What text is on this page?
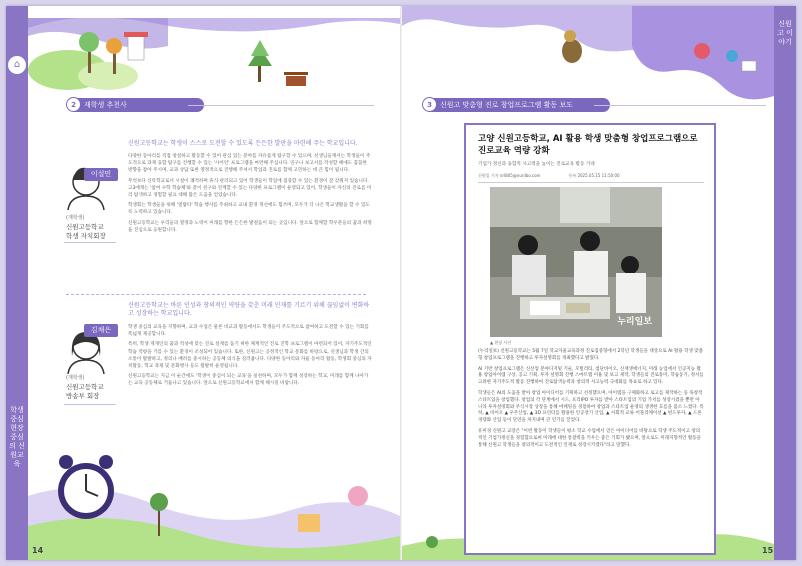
⌂
학생중심 현장중심의 신원교육
신원고 이야기
2	재학생 추천사
이설민
(재학생)
신원고등학교
학생 자치회장
신원고등학교는 학생이 스스로 도전할 수 있도록 든든한 발판을 마련해 주는 학교입니다.

다양한 동아리를 직접 창설하고 활동할 수 있어 관심 있는 분야를 자유롭게 탐구할 수 있으며, 선생님들께서는 학생들이 주도적으로 과제 융합 탐구를 진행할 수 있는 '사이언' 프로그램을 마련해 주십니다. 연구나 보고서를 작성할 때에도 꼼꼼한 방향을 잡아 주시며, 교과 상담 또한 열정적으로 진행해 주셔서 학업과 진로를 함께 고민하는 데 큰 힘이 됩니다.

무엇보다 신록학교로서 시설이 쾌적하며 휴식·관리되고 있어 학생들이 학업에 집중할 수 있는 환경이 잘 갖춰져 있습니다. 고3에게는 '참여 수학 학습체'와 같이 친구와 연계할 수 있는 다양한 프로그램이 운영되고 있어, 학생들이 자신의 진로를 미리 탐색하고 경험할 필요 대해 많은 도움을 얻었습니다.

학생회는 학생들을 위해 '열람타' 학습 행사를 주최하고 교내 환경 개선에도 힘쓰며, 모두가 더 나은 학교생활을 할 수 있도록 노력하고 있습니다.

신원고등학교는 우리들의 열정과 노력이 미래를 향한 든든한 발걸음이 되는 곳입니다. 앞으로 함께할 학우분들의 꿈과 희망을 진심으로 응원합니다.

김채은
(재학생)
신원고등학교
방송부 회장
신원고등학교는 바른 인성과 창의적인 역량을 갖춘 미래 인재를 기르기 위해 끊임없이 변화하고 성장하는 학교입니다.

학생 중심의 교육을 지향하며, 교과 수업은 물론 비교과 활동에서도 학생들이 주도적으로 참여하고 도전할 수 있는 기회를 폭넓게 제공합니다.

특히, 학생 개개인의 꿈과 적성에 맞는 진로 설계를 돕기 위한 체계적인 진로 진학 프로그램이 마련되어 있어, 자기주도적인 학습 역량을 기를 수 있는 환경이 조성되어 있습니다. 또한, 신원고는 공정적인 학교 문화를 바탕으로, 선생님과 학생 간의 소통이 활발하고, 정의나 배려를 중시하는 공동체 의식을 길러줍니다. 다양한 동아리와 자율 동아리 활동, 학생회 중심의 자치활동, 학교 축제 및 문화행사 등도 활발히 운영됩니다.

신원고등학교는 지금 이 순간에도 '학생이 중심이 되는 교육'을 실천하며, 모두가 함께 성장하는 학교, 미래를 함께 나아가는 교육 공동체로 거듭나고 있습니다. 앞으로 신원고등학교에서 함께 해시길 바랍니다.

14
3	신원고 맞춤형 진로 창업프로그램 활동 보도
고양 신원고등학교, AI 활용 학생 맞춤형 창업프로그램으로 진로교육 역량 강화
기업가 정신과 융합적 사고력을 높이는 진로교육 활동 기대
신원일 기자 nrl805@nurilbo.com	등록 2025.05.15 11:50:00
누리일보
▲ 현장 사진

(누리일보) 신원고등학교는 5월 7일 학교자율교육과정 진로집중형에서 2학년 학생들을 대상으로 AI 활용 학생 맞춤형 창업프로그램을 진행하고 투자설명회를 개최했다고 밝혔다.

AI 기반 창업프로그램은 신선업 분야디지털 기술, 모빌리티, 첨단바이오, 신재생에너지, 미래 농업에서 인공지능 활용 창업아이템 구상, 공고 기획, 투자 설명회 진행 스마트랩 이용 및 보고 제작, 학생들의 진로흥미, 학습동기, 정서를 고려한 자기주도적 활동 진행하여 진로탐색능력과 창의적 사고능력 극대화를 목표로 하고 있다.

학생들은 AI의 도움을 받아 창업 아이디어를 기획하고 선정했으며, 아이템을 구체화하고 로고를 제작하는 등 독창적 스타트업을 창업했다. 창업의 각 단계에서 시드, 프리IPO 투자를 받아 스타트업의 기업 가치를 성장시켰을 뿐만 아니라 투자설명회와 주식시장 상장을 통해 마케팅을 경험하여 창업과 스타트업 운영의 생생한 흐름을 몸소 느꼈다. 특히, ▲ 바이오 ▲ 우주산업, ▲ 3D 프린터를 활용한 인공장기 산업, ▲ 사회적 교류 어플리케이션 ▲ 펀드투자, ▲ 드론 경량화 산업 등이 단연을 차지내며 큰 인기를 끌었다.

유미경 신원고 교장은 "이번 활동이 학생들이 평소 학교 수업에서 얻은 아이디어를 바탕으로 학생 주도적이고 창의적인 기업가정신을 경험함으로써 미래에 대한 통찰력을 키우는 좋은 기회가 됐으며, 앞으로도 미래지향적인 활동을 통해 신원고 학생들을 창의적이고 도전적인 인재로 성장시키겠다"라고 말했다.

15
